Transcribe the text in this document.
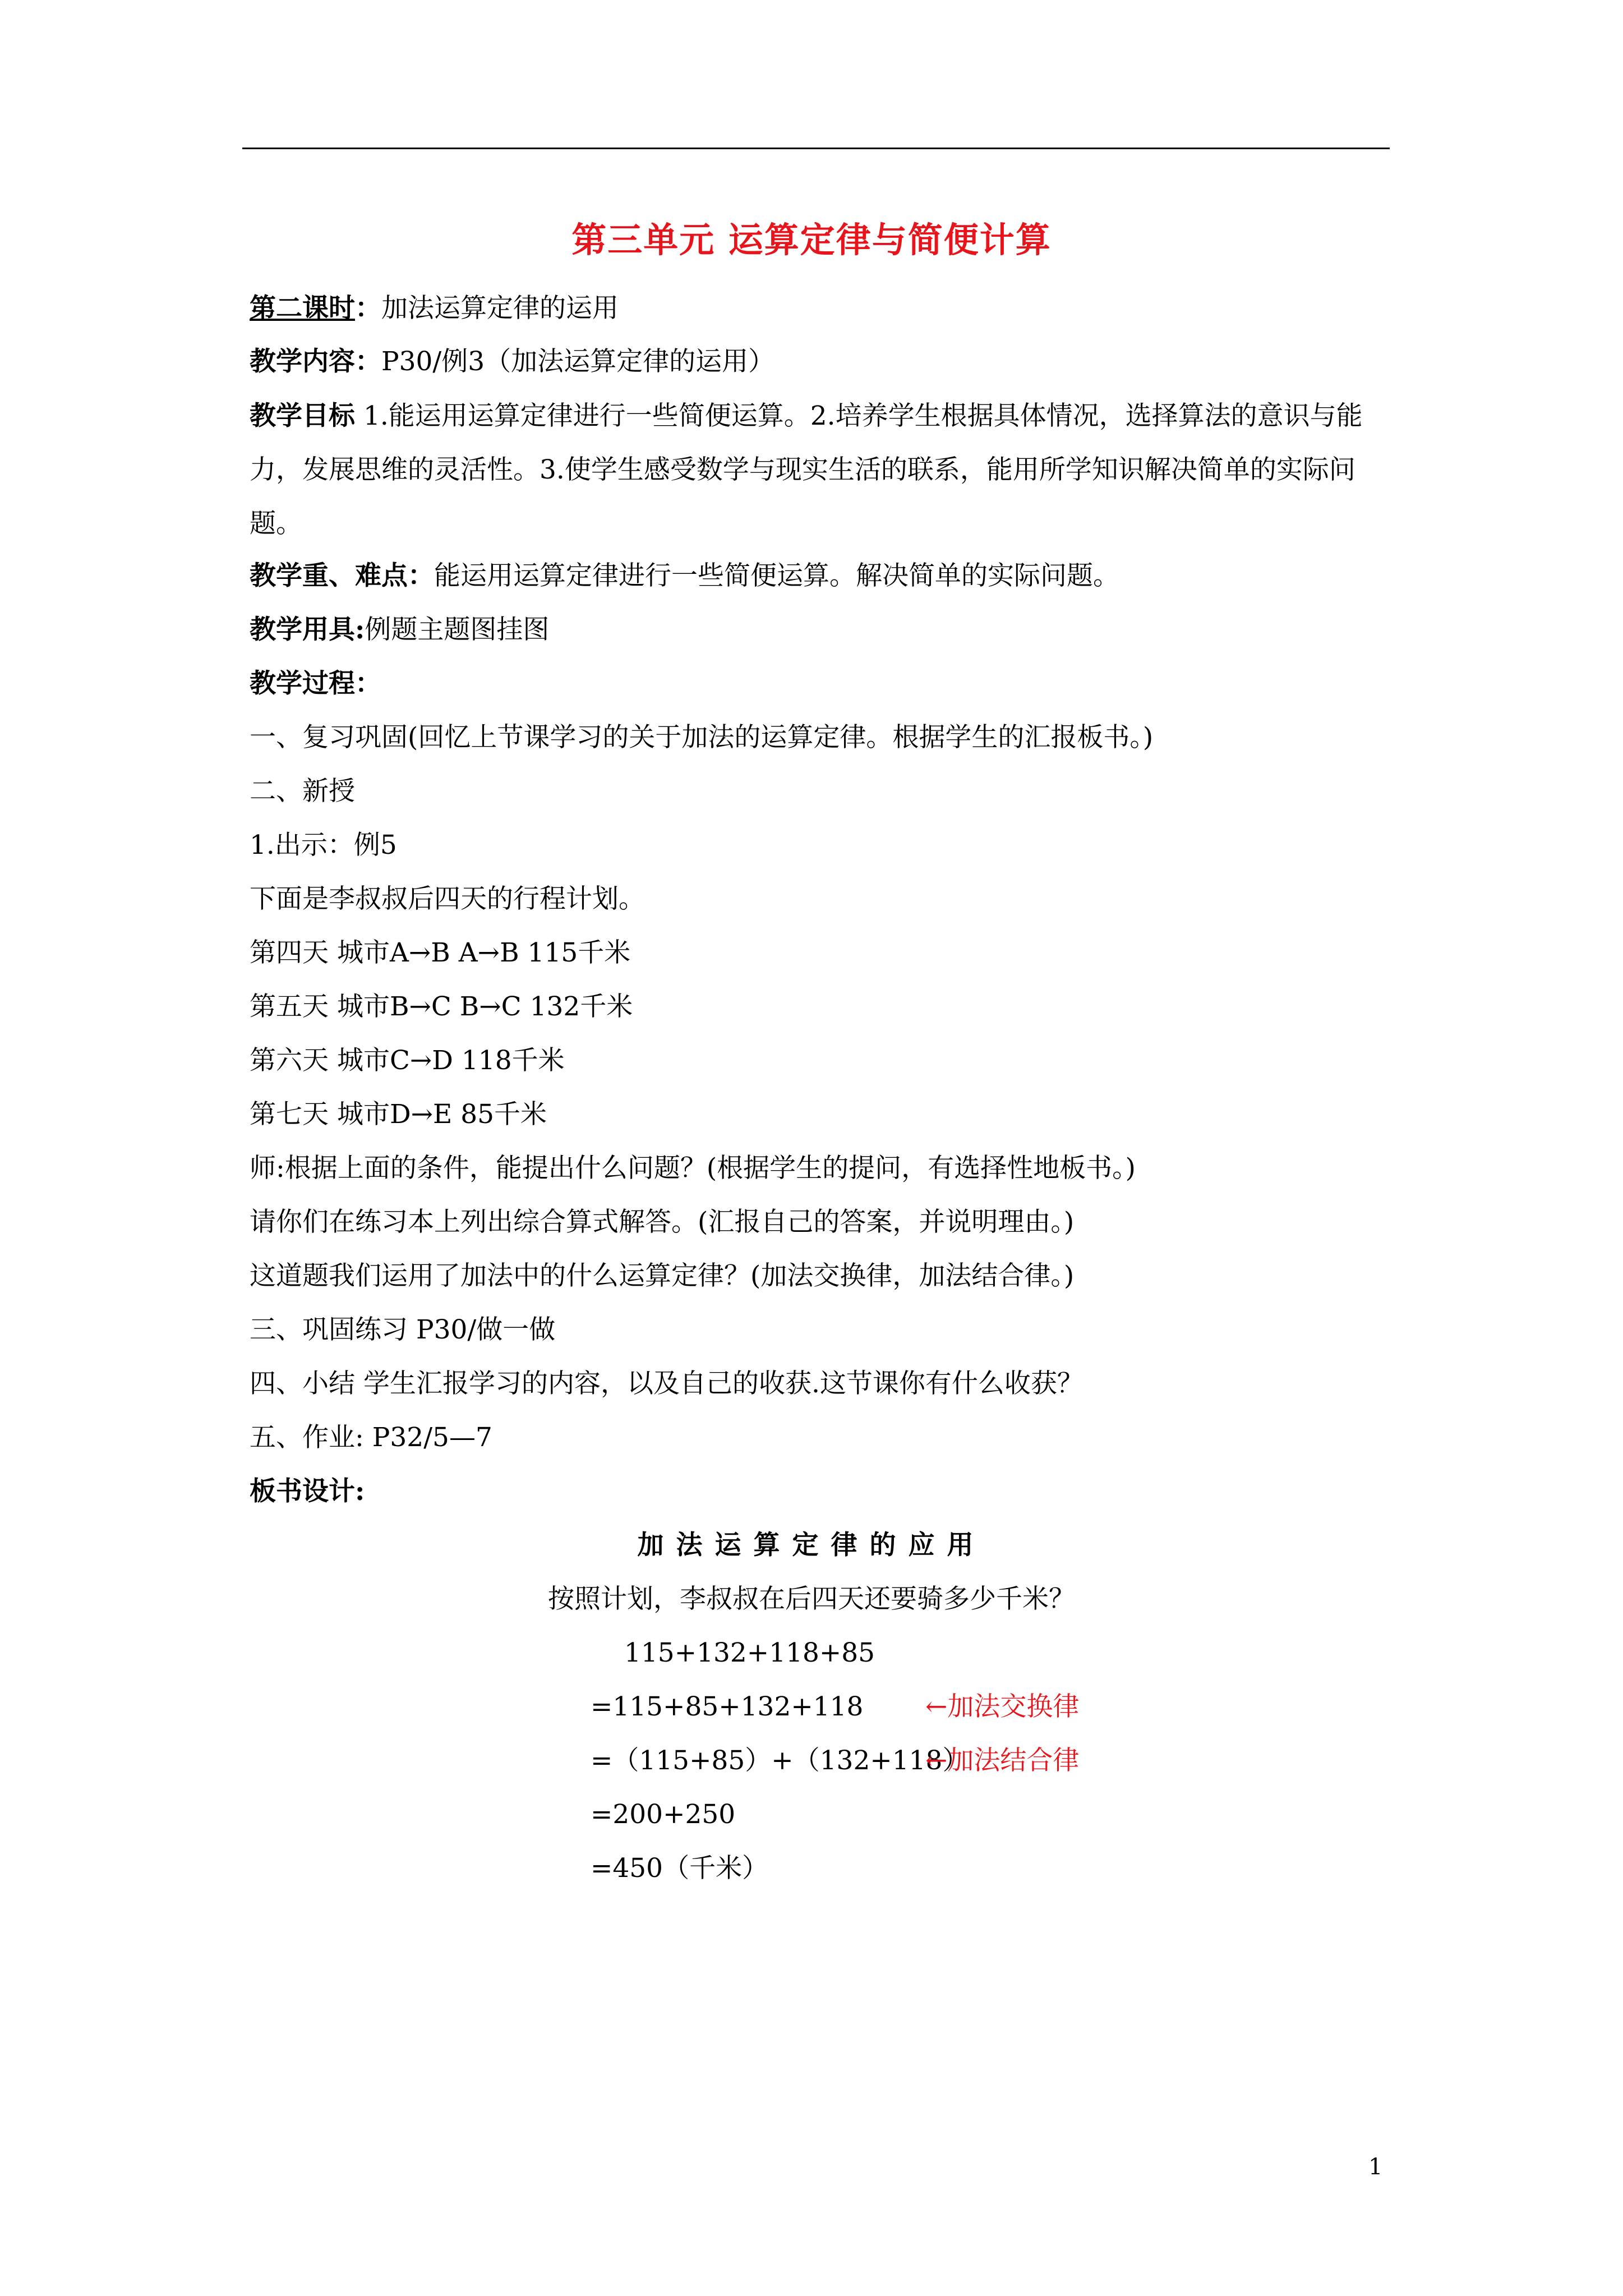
第三单元 运算定律与简便计算
第二课时：加法运算定律的运用
教学内容：P30/例3（加法运算定律的运用）
教学目标 1.能运用运算定律进行一些简便运算。2.培养学生根据具体情况，选择算法的意识与能力，发展思维的灵活性。3.使学生感受数学与现实生活的联系，能用所学知识解决简单的实际问题。
教学重、难点：能运用运算定律进行一些简便运算。解决简单的实际问题。
教学用具:例题主题图挂图
教学过程：
一、复习巩固(回忆上节课学习的关于加法的运算定律。根据学生的汇报板书。)
二、新授
1.出示：例5
下面是李叔叔后四天的行程计划。
第四天 城市A→B A→B 115千米
第五天 城市B→C B→C 132千米
第六天 城市C→D 118千米
第七天 城市D→E 85千米
师:根据上面的条件，能提出什么问题？(根据学生的提问，有选择性地板书。)
请你们在练习本上列出综合算式解答。(汇报自己的答案，并说明理由。)
这道题我们运用了加法中的什么运算定律？(加法交换律，加法结合律。)
三、巩固练习 P30/做一做
四、小结 学生汇报学习的内容，以及自己的收获.这节课你有什么收获？
五、作业: P32/5—7
板书设计:
加法运算定律的应用
按照计划，李叔叔在后四天还要骑多少千米？
115+132+118+85
=115+85+132+118 ←加法交换律
=（115+85）+（132+118）
←加法结合律
=200+250
=450（千米）
1
